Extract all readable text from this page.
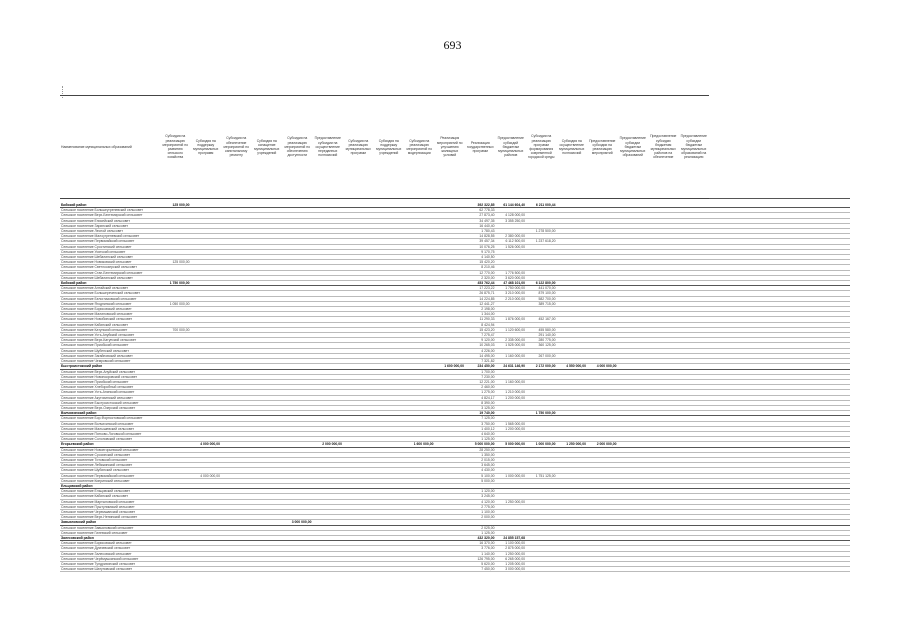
693
Наименование муниципальных образований	Субсидия на реализацию мероприятий по развитию сельского хозяйства	Субсидия на поддержку муниципальных программ	Субсидия на обеспечение мероприятий по капитальному ремонту	Субсидия на оснащение муниципальных учреждений	Субсидия на реализацию мероприятий по обеспечению доступности	Предоставление субсидии на осуществление переданных полномочий	Субсидия на реализацию муниципальных программ	Субсидия на поддержку муниципальных учреждений	Субсидия на реализацию мероприятий по модернизации	Реализация мероприятий по улучшению жилищных условий	Реализация государственных программ	Предоставление субсидий бюджетам муниципальных районов	Субсидии на реализацию программ формирования современной городской среды	Субсидия на осуществление муниципальных полномочий	Предоставление субсидии на реализацию мероприятий	Предоставление субсидии бюджетам муниципальных образований	Предоставление субсидии бюджетам муниципальных районов на обеспечение	Предоставление субсидии бюджетам муниципальных образований на реализацию	
Бийский район	125 000,00										392 322,85	61 144 604,40	6 211 000,44						
Сельское поселение Большеугреневский сельсовет											62 778,33								
Сельское поселение Верх-Бехтемирский сельсовет											27 873,40	4 128 000,00							
Сельское поселение Енисейский сельсовет											34 497,35	3 355 250,00							
Сельское поселение Заринский сельсовет											16 440,40								
Сельское поселение Лесной сельсовет											1 780,43		1 278 500,00						
Сельское поселение Малоугреневский сельсовет											14 828,55	2 380 000,00							
Сельское поселение Первомайский сельсовет											39 457,34	6 112 500,00	1 237 618,20						
Сельское поселение Сростинский сельсовет											10 076,25	1 526 000,00							
Сельское поселение Усятский сельсовет											9 170,75								
Сельское поселение Шебалинский сельсовет											4 140,50								
Сельское поселение Новиковский сельсовет	125 000,00										15 420,20								
Сельское поселение Светлоозерский сельсовет											8 210,46								
Сельское поселение Стан-Бехтемирский сельсовет											12 770,00	1 776 500,00							
Сельское поселение Шебалинский сельсовет											2 320,00	3 620 000,00							
Бийский район	1 750 000,00										453 762,44	47 468 101,00	6 122 800,00						
Сельское поселение Алтайский сельсовет											17 223,22	1 750 000,00	441 070,00						
Сельское поселение Большереченский сельсовет											26 875,71	3 210 000,00	879 100,00						
Сельское поселение Белоглазовский сельсовет											14 224,85	2 210 000,00	582 700,00						
Сельское поселение Ягоднинский сельсовет	1 050 000,00										12 441,27		389 715,00						
Сельское поселение Борисовский сельсовет											2 198,00								
Сельское поселение Малиновский сельсовет											1 344,00								
Сельское поселение Новобинский сельсовет											11 290,33	1 876 000,00	452 167,00						
Сельское поселение Кабинский сельсовет											8 424,94								
Сельское поселение Катунский сельсовет	700 000,00										15 423,20	1 120 600,00	455 580,00						
Сельское поселение Усть-Ануйский сельсовет											7 275,47		291 140,00						
Сельское поселение Верх-Катунский сельсовет											9 120,00	2 335 000,00	280 775,00						
Сельское поселение Приобский сельсовет											10 265,03	1 525 000,00	360 125,00						
Сельское поселение Шубенский сельсовет											4 226,00								
Сельское поселение Загайновский сельсовет											14 495,00	1 160 000,00	267 000,00						
Сельское поселение Чемровский сельсовет											7 321,82								
Быстроистокский район										1 600 000,00	234 450,00	24 631 146,90	2 172 000,00	4 550 000,00	4 000 000,00				
Сельское поселение Верх-Ануйский сельсовет											1 700,00								
Сельское поселение Новопокровский сельсовет											7 230,00								
Сельское поселение Приобский сельсовет											12 221,00	1 160 000,00							
Сельское поселение Хлеборобный сельсовет											2 460,00								
Сельское поселение Усть-Анинский сельсовет											1 275,00	1 210 000,00							
Сельское поселение Акутихинский сельсовет											4 824,17	1 200 000,00							
Сельское поселение Быстроистокский сельсовет											8 390,00								
Сельское поселение Верх-Озерский сельсовет											3 125,00								
Волчихинский район											19 740,00		1 750 000,00						
Сельское поселение Бор-Форпостовский сельсовет											7 125,00								
Сельское поселение Волчихинский сельсовет											3 750,00	1 565 000,00							
Сельское поселение Малышевский сельсовет											1 400,12	1 200 000,00							
Сельское поселение Пятково-Логовской сельсовет											4 640,00								
Сельское поселение Солоновский сельсовет											1 125,00								
Егорьевский район		4 000 000,00				2 000 000,00			1 600 000,00		5 000 000,00	5 000 000,00	1 000 000,00	1 250 000,00	2 000 000,00				
Сельское поселение Новоегорьевский сельсовет											28 250,00								
Сельское поселение Сросинский сельсовет											1 350,00								
Сельское поселение Титовский сельсовет											2 015,00								
Сельское поселение Лебяжинский сельсовет											3 645,00								
Сельское поселение Шубинский сельсовет											4 430,00								
Сельское поселение Первомайский сельсовет		4 000 000,00									5 100,00	1 000 000,00	1 751 125,00						
Сельское поселение Кипринский сельсовет											5 000,00								
Ельцовский район																			
Сельское поселение Ельцовский сельсовет											1 120,00								
Сельское поселение Кабинский сельсовет											3 245,00								
Сельское поселение Мартыновский сельсовет											4 120,00	1 250 000,00							
Сельское поселение Пуштулимский сельсовет											2 775,00								
Сельское поселение Черемшанский сельсовет											1 100,00								
Сельское поселение Верх-Ненинский сельсовет											2 000,00								
Завьяловский район					3 000 000,00														
Сельское поселение Завьяловский сельсовет											2 025,00								
Сельское поселение Гилевский сельсовет											1 125,00								
Залесовский район											432 320,00	24 855 157,68							
Сельское поселение Борисовский сельсовет											16 370,00	1 100 000,00							
Сельское поселение Думчевский сельсовет											3 776,00	2 875 000,00							
Сельское поселение Залесовский сельсовет											1 140,00	1 250 000,00							
Сельское поселение Черёмушкинский сельсовет											126 795,00	6 265 000,00							
Сельское поселение Тундрихинский сельсовет											5 620,00	1 205 000,00							
Сельское поселение Шатуновский сельсовет											7 450,00	3 000 000,00							
